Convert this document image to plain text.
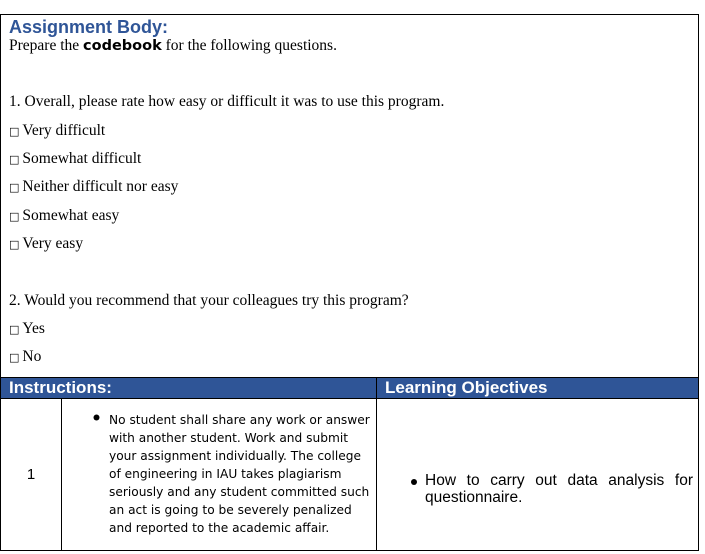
Assignment Body:
Prepare the codebook for the following questions.
1. Overall, please rate how easy or difficult it was to use this program.
□ Very difficult
□ Somewhat difficult
□ Neither difficult nor easy
□ Somewhat easy
□ Very easy
2. Would you recommend that your colleagues try this program?
□ Yes
□ No
Instructions:	Learning Objectives
1
No student shall share any work or answer with another student. Work and submit your assignment individually. The college of engineering in IAU takes plagiarism seriously and any student committed such an act is going to be severely penalized and reported to the academic affair.
How to carry out data analysis for questionnaire.
